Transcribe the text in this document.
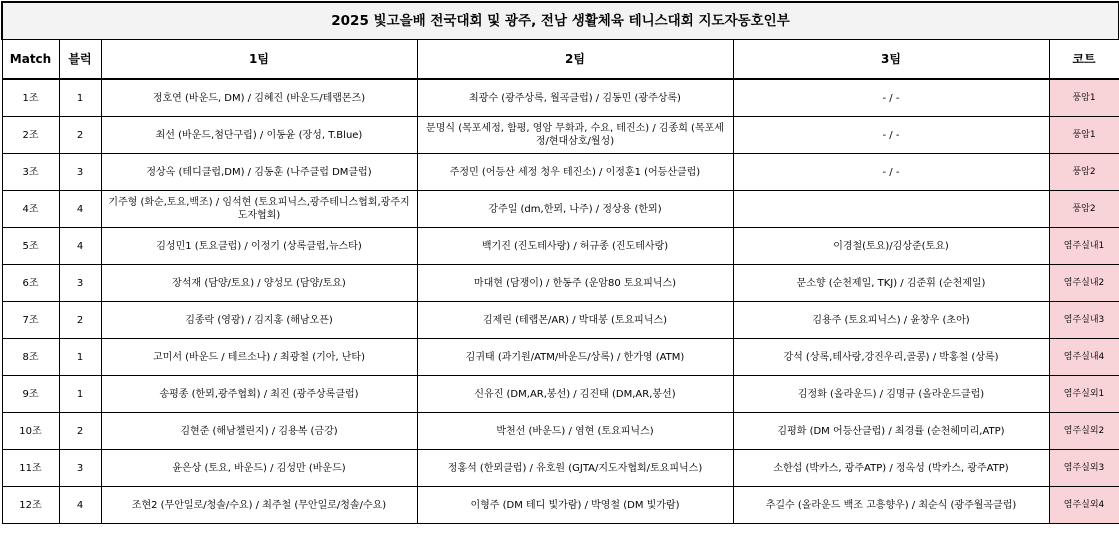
2025 빛고을배 전국대회 및 광주, 전남 생활체육 테니스대회 지도자동호인부					
Match	블럭	1팀	2팀	3팀	코트
1조	1	정호연 (바운드, DM) / 김혜진 (바운드/테랩몬즈)	최광수 (광주상록, 월곡클럽) / 김동민 (광주상록)	- / -	풍암1
2조	2	최선 (바운드,첨단구립) / 이동윤 (장성, T.Blue)	문명식 (목포세정, 함평, 영암 무화과, 수요, 테진소) / 김종희 (목포세정/현대삼호/월성)	- / -	풍암1
3조	3	정상옥 (테디클럽,DM) / 김동훈 (나주클럽 DM클럽)	주정민 (어등산 세정 청우 테진소) / 이정훈1 (어등산클럽)	- / -	풍암2
4조	4	기주형 (화순,토요,백조) / 임석현 (토요피닉스,광주테니스협회,광주지도자협회)	강주일 (dm,한뫼, 나주) / 정상용 (한뫼)		풍암2
5조	4	김성민1 (토요클럽) / 이정기 (상록클럽,뉴스타)	백기진 (진도테사랑) / 허규종 (진도테사랑)	이경철(토요)/김상준(토요)	염주실내1
6조	3	장석재 (담양/토요) / 양성모 (담양/토요)	마대현 (담쟁이) / 한동주 (운암80 토요피닉스)	문소향 (순천제일, TKJ) / 김준휘 (순천제일)	염주실내2
7조	2	김종락 (영광) / 김지홍 (해남오픈)	김제린 (테랩몬/AR) / 박대봉 (토요피닉스)	김용주 (토요피닉스) / 윤창우 (초아)	염주실내3
8조	1	고미서 (바운드 / 테르소나) / 최광철 (기아, 난타)	김귀태 (과기원/ATM/바운드/상록) / 한가영 (ATM)	강석 (상록,테사랑,강진우리,골콩) / 박홍철 (상록)	염주실내4
9조	1	송평종 (한뫼,광주협회) / 최진 (광주상록클럽)	신유진 (DM,AR,봉선) / 김진태 (DM,AR,봉선)	김정화 (올라운드) / 김명규 (올라운드클럽)	염주실외1
10조	2	김현준 (해남챌린지) / 김용복 (금강)	박천선 (바운드) / 염현 (토요피닉스)	김평화 (DM 어등산클럽) / 최경률 (순천헤미리,ATP)	염주실외2
11조	3	윤은상 (토요, 바운드) / 김성만 (바운드)	정홍석 (한뫼클럽) / 유호원 (GJTA/지도자협회/토요피닉스)	소한섭 (박카스, 광주ATP) / 정옥성 (박카스, 광주ATP)	염주실외3
12조	4	조현2 (무안일로/청솔/수요) / 최주철 (무안일로/청솔/수요)	이형주 (DM 테디 빛가람) / 박영철 (DM 빛가람)	추길수 (올라운드 백조 고흥향우) / 최순식 (광주월곡클럽)	염주실외4
